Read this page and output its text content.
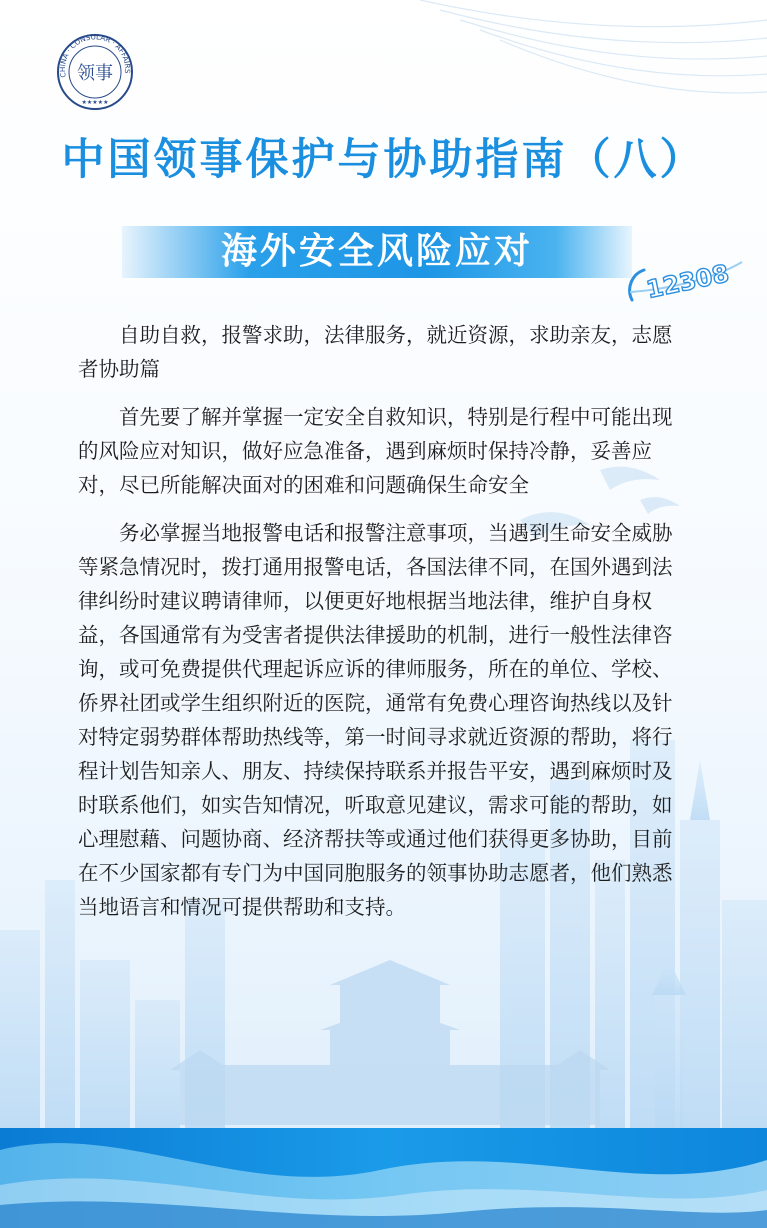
CHINA · CONSULAR · AFFAIRS
领事
★★★★★
中国领事保护与协助指南（八）
海外安全风险应对
12308

自助自救，报警求助，法律服务，就近资源，求助亲友，志愿者协助篇

首先要了解并掌握一定安全自救知识，特别是行程中可能出现的风险应对知识，做好应急准备，遇到麻烦时保持冷静，妥善应对，尽已所能解决面对的困难和问题确保生命安全

务必掌握当地报警电话和报警注意事项，当遇到生命安全威胁等紧急情况时，拨打通用报警电话，各国法律不同，在国外遇到法律纠纷时建议聘请律师，以便更好地根据当地法律，维护自身权益，各国通常有为受害者提供法律援助的机制，进行一般性法律咨询，或可免费提供代理起诉应诉的律师服务，所在的单位、学校、侨界社团或学生组织附近的医院，通常有免费心理咨询热线以及针对特定弱势群体帮助热线等，第一时间寻求就近资源的帮助，将行程计划告知亲人、朋友、持续保持联系并报告平安，遇到麻烦时及时联系他们，如实告知情况，听取意见建议，需求可能的帮助，如心理慰藉、问题协商、经济帮扶等或通过他们获得更多协助，目前在不少国家都有专门为中国同胞服务的领事协助志愿者，他们熟悉当地语言和情况可提供帮助和支持。
